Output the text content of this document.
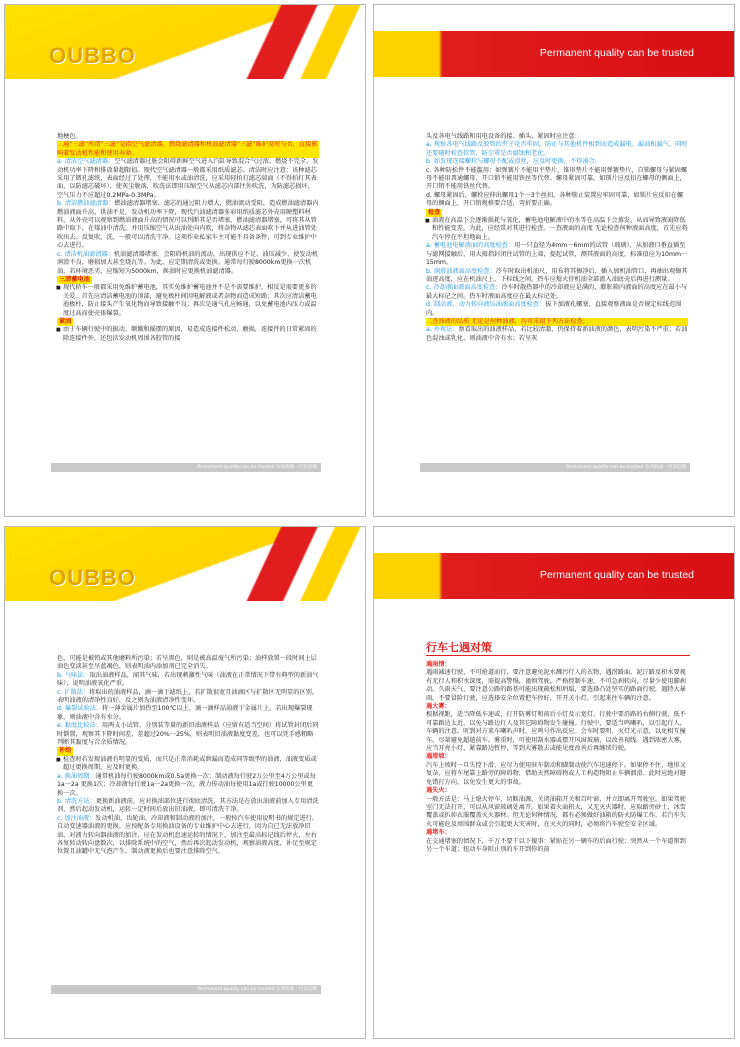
OUBBO

地梗色。

二通“三滤”所谓“三滤”是指空气滤清器、燃烧滤清器和机油滤清器“三滤”维护及时与否，直接影响着发动机性能和使用寿命。

a. 清洁空气滤清器：空气滤清器过脏会阻碍新鲜空气进入汽缸导致混合气过浓、燃烧不完全、发动机功率下降和排放量超限值。现代空气滤清器一般都采用纸质滤芯。清洁时应注意：该种滤芯采用了微孔滤纸，表面经过了处理，不能用水或油清洗，应采用轻拍打滤芯端面（不得拍打其表面，以防滤芯破坏），使灰尘脱落，吹洗法即用压缩空气从滤芯内部往外吹洗，为防滤芯损坏，空气压力不应超过0.2MPa-0.3MPa。

b. 清洁燃油滤清器：燃油滤清器堵塞，滤芯的通过阻力增大，燃油流动受阻，造成燃油滤清器内燃油液面升高，供油不足，发动机功率下降，现代汽油滤清器多彩用纸质滤芯外壳用硬塑料材料，从外壳可以观察到燃油液面升高的情况可以判断其是否堵塞，燃油滤清器堵塞，可将其从管路中取下，在煤油中清洗，并用压缩空气从出油处向内吹，将杂物从滤芯表面吹下并从进油管处吹出去。反复吹、洗，一般可以清洗干净。这项作业私家车主可能不具备条件，可到专业维护中心去进行。

c. 清洁机油滤清器：机油滤清器堵塞，会阻碍机油的流动，出现供应不足、油压减少，使发动机润滑不良，磨损加大甚至烧瓦等。为此，应定期清洗或更换。通常每行驶8000km更换一次机油，若环境恶劣，应缩短为5000km，换油时应更换机油滤清器。

三清蓄电池

■ 现代轿车一般都采用免维护蓄电池，其实免维护蓄电池并不是不需要维护，相反是需要更多的关爱。首先应清洁蓄电池的顶部，避免极柱间因电解液或者杂物而造成短路；其次应清洁蓄电池极柱，防止接头产生氧化物而导致接触不良；再次是通气孔应畅通，以免蓄电池内压力或温度过高而使壳体爆裂。

紧固

■ 由于车辆行驶中的振动、颠簸和摇摆的原因，易造成连接件松动，磨损，连接件的日常紧固的除连接件外，还包括发动机周围各胶管的接

Permanent quality can be trusted 东风机油 · 可以信赖
Permanent quality can be trusted

头及各电气线路和用电设备的接、插头，紧固时应注意：

a. 观察各电气线路及胶管的夹子是否牢固，防止与其他机件相到而造成漏电、漏油和漏气，同时还要随时检查软管、防尘罩是否腐蚀和老化。

b. 如发现连接螺栓与螺母不配或滑丝，应及时更换，不得凑合。

c. 各种防松件不能滥用：如弹簧片不能用平垫片，锥形垫片不能用弹簧垫片，自锁螺母与紧固螺母不能用普通螺母，开口销不能用铁丝等代替。螺母紧固可靠，如锁片应反扣在螺母的侧面上，开口销不能用铁丝代替。

d. 螺母紧固后，螺栓应伸出螺母1个一3个丝扣，各种锁止装置应牢固可靠，如锁片应反扣在螺母的侧面上，开口销规格要合适，弯折要正确。

检查

■ 油液在高温下会逐渐损耗与氧化，蓄电池电解液中的水等在高温下会蒸发。从而导致液面降低和性能变差。为此，应经常对其进行检查。一查液面的高度 无论检查何种液面高度，首先应将汽车停在平坦地面上。

a. 蓄电池电解液面的高度检查：用一只直径为4mm一6mm的试管（玻璃），从加液口垂直插至与滤网接触后，用大拇指封闭住试管的上端，提起试管，测其液面的高度，标准值应为10mm一15mm。

b. 润滑油液面高度检查：冷车时取出机油尺，用布将其擦净后，插入加机油管口，再抽出观擦其油迹高度，应在机油尺上、下标线之间。热车应熄火待机油全部流入油底壳后再进行测量。

c. 冷却液面液面高度检查：冷车时散热器中的冷却液应是满的，膨胀箱内液面的高度应在最小与最大标记之间。热车时液面高度应在最大标记处。

d. 制动液、动力转向液压油液面高度检查：拔下加液孔螺塞，直接观察液面是否规定标线范围内。

二查油液的品质 无论是何种油液，均可采用下列方法检查。

a. 外观法：察看取出的油液样品，若比较清澈，仍保持着新油液的颜色，表明污染不严重；若油色混浊或乳化，则油液中含有水；若呈灰

Permanent quality can be trusted 东风机油 · 可以信赖
OUBBO

色，可能是被铅或其他磨料所污染；若呈黑色，则是被高温废气所污染；油样放置一段时间上层油色变淡甚至呈蓝褐色，则表明油内添加剂已完全消失。

b. 气味法：取出油液样品，闻其气味，若出现刺激性气味（油液在正常情况下带有典型的新油气味），说明油液氧化严重。

c. 扩散法：将取出的油液样品，滴一滴于滤纸上，若扩散很宽且油滴区与扩散区无明显的区别，表明油液的清净性良好，反之则为油液清净性变坏。

d. 爆裂试验法：将一薄金属片加热至100℃以上，滴一滴样品油液于金属片上，若出现爆裂现象，则油液中含有水分。

e. 黏度比较法：用两支小试管，分别装等量的新旧油液样品（应留有适当空间）将试管封闭后同时倒置，观察其下降时间差，差超过20%一25%，则表明旧油液黏度变差，也可以凭手感粗略判断其黏度与合余质情况。

补给

■ 检查时若发现油液有明显的变质，而只是正常消耗或泄漏而造成同等级型的油液，油液变质或超过更换周期，应及时更换。

a. 换油周期：通常机油每行驶8000km或0.5a更换一次；制动液每行驶2万公里至4万公里或每1a一2a 更换1次；冷却液每行驶1a一2a更换一次，液力传动油每使用1a或行驶10000公里更换一次。

b. 清洗方法：更换新油液前，应对换油部位进行彻底清洗，其方法是在放出油液前加入专用清洗剂，然后起动发动机，运转一定时间后放出旧油液，即可清洗干净。

c. 加注油液：发动机油、齿轮油、冷却液和制动液的加注，一般按汽车使用说明书的规定进行。自动变速器油液的更换，应按配备专用换油设备的专业维护中心去进行，因为自已无法放净旧油，对液力转向器油液的加注，应在发动机怠速运转的情况下，加注至最高标记线后停火，左右各复转动转向盘数次，以排除系统中的空气，然后再次起动发动机，观察油液高度，补足至规定位置且油罐中无气泡产生，制动液更换后也要注意排除空气。

Permanent quality can be trusted 东风机油 · 可以信赖
Permanent quality can be trusted
行车七遇对策

遇雨情：

遇雨减速行驶，不可抢道而行，要注意避免泥水溅污行人的衣物，遇涝路面、泥泞路及积水要视有无行人和积水深度，需提高警惕，谨慎驾驶，严格控制车速，不可急刹转向，尽量少使用脚刹动。久雨天气，要注意公路的路基可能出现疏松和坍塌，要选择凸处坚实的路面行驶，遇特大暴雨，不要冒险行驶，应选择安全位置把车停好，开开关小灯，引起来往车辆的注意。

遇大雾：

根据视距，适当降低车速或，打开防雾灯和前后小灯及示宽灯。行驶中要沿路的右侧行驶，低不可靠路边太近，以免与路边行人及其它障碍物发生碰撞。行驶中，要适当鸣喇叭，以引起行人、车辆的注意。听到对方来车喇叭声时，应鸣号作出反应。会车时要明，灭灯光示意，以免相互撞车。尽量避免超越前车。雾重时，可使用刮水器或摆开风窗玻璃，以改善视线。遇到浓密大雾，应当开亮小灯，紧靠路边暂停，等到大雾散去或能见度改善后再继续行驶。

遇滑坡：

汽车上坡时一旦失控下滑，应尽力使用驻车制动和脚制动使汽车迅速停下。如果停不住，地形又复杂，应将车尾靠上路旁的障碍物，借助天然障碍物或人工构造物阻止车辆溜滑。此时应绝对避免错打方向，以免发生更大的事故。

遇失火：

一般方法是：马上熄火停车，切断油源，关闭油箱开关和百叶窗，并立即离开驾驶室。如果驾驶室门无法打开，可以从风窗玻璃处离开。如果着火面积大，又无灭火器时，应取路旁砂土，冰雪覆盖或扒掉衣服覆盖灭火器材。但无论何种情况，都有必须做好油箱的防火防爆工作。若汽车失火可能危及周围群众或会引起更大灾害时，在灭火的同时，必须将汽车驶至安全区域。

遇堵车：

在交通堵塞的情况下，千万不要干以下傻事：紧贴在另一辆车的后面行驶；突然从一个车道窜到另一个车道；扭动车身阻止别的车开到你的前
